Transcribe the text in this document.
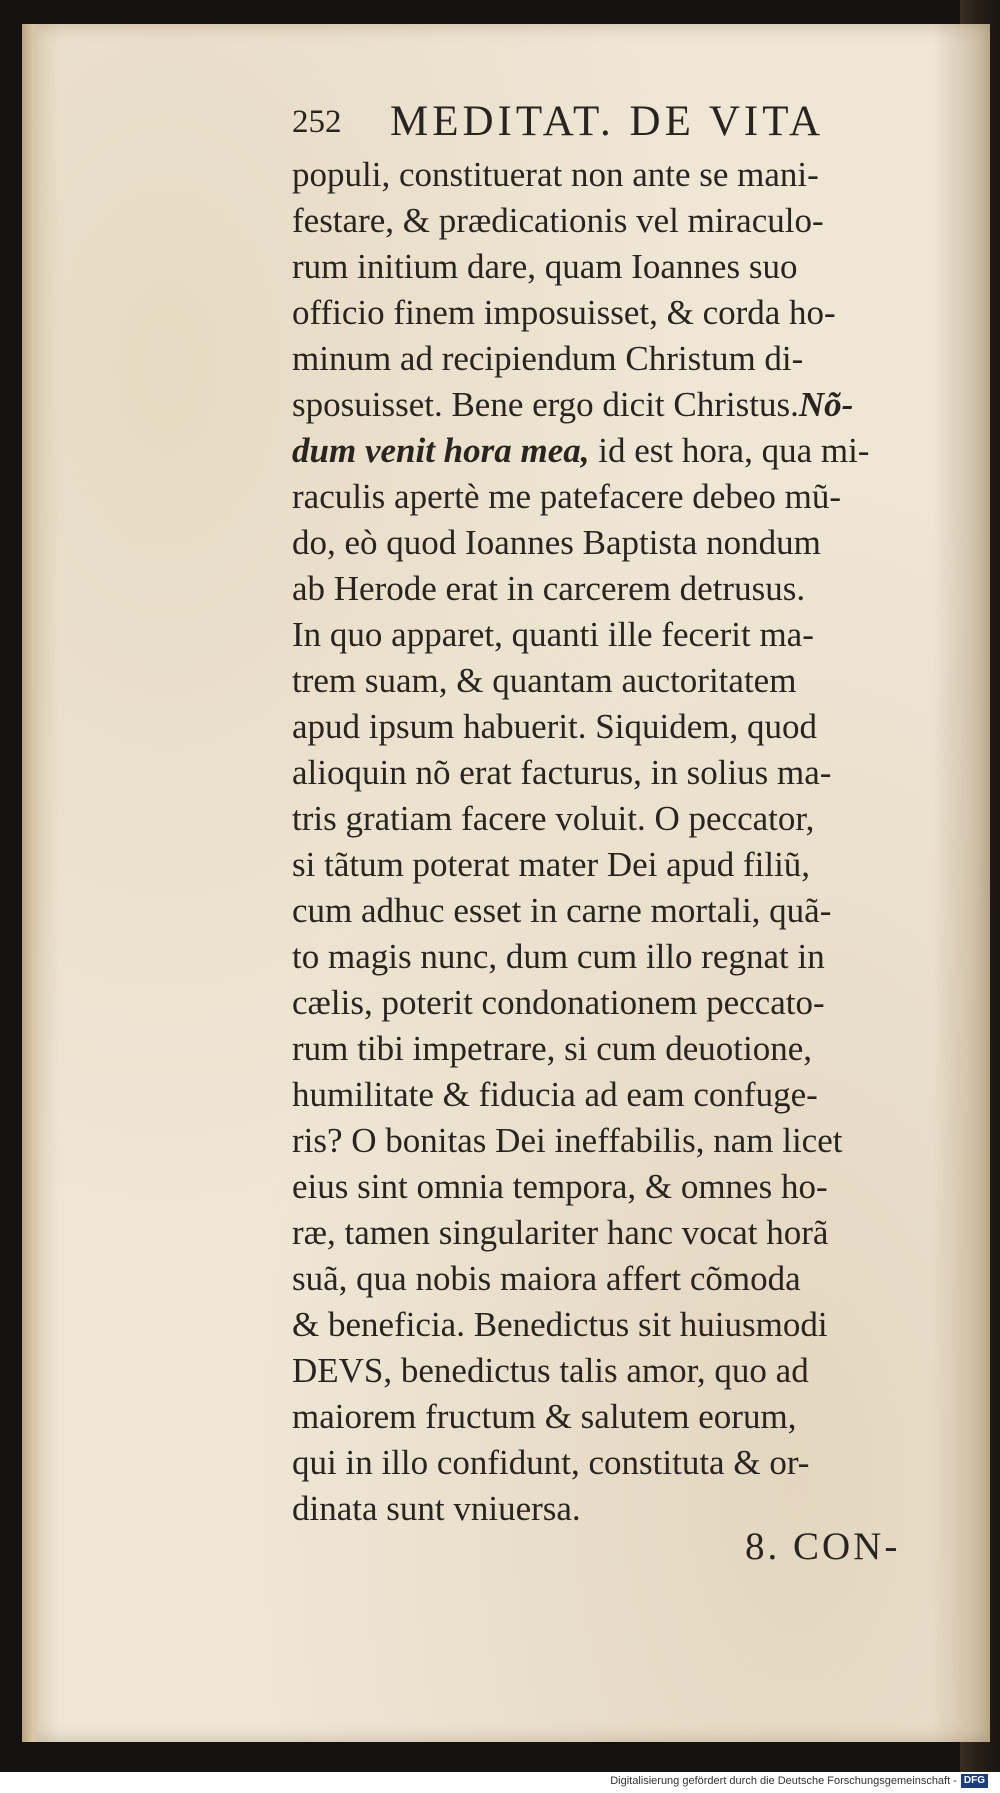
252 MEDITAT. DE VITA
populi, constituerat non ante se mani-
festare, & prædicationis vel miraculo-
rum initium dare, quam Ioannes suo
officio finem imposuisset, & corda ho-
minum ad recipiendum Christum di-
sposuisset. Bene ergo dicit Christus.Nõ-
dum venit hora mea, id est hora, qua mi-
raculis apertè me patefacere debeo mũ-
do, eò quod Ioannes Baptista nondum
ab Herode erat in carcerem detrusus.
In quo apparet, quanti ille fecerit ma-
trem suam, & quantam auctoritatem
apud ipsum habuerit. Siquidem, quod
alioquin nõ erat facturus, in solius ma-
tris gratiam facere voluit. O peccator,
si tãtum poterat mater Dei apud filiũ,
cum adhuc esset in carne mortali, quã-
to magis nunc, dum cum illo regnat in
cælis, poterit condonationem peccato-
rum tibi impetrare, si cum deuotione,
humilitate & fiducia ad eam confuge-
ris? O bonitas Dei ineffabilis, nam licet
eius sint omnia tempora, & omnes ho-
ræ, tamen singulariter hanc vocat horã
suã, qua nobis maiora affert cõmoda
& beneficia. Benedictus sit huiusmodi
DEVS, benedictus talis amor, quo ad
maiorem fructum & salutem eorum,
qui in illo confidunt, constituta & or-
dinata sunt vniuersa.
8. CON-
Digitalisierung gefördert durch die Deutsche Forschungsgemeinschaft - DFG
